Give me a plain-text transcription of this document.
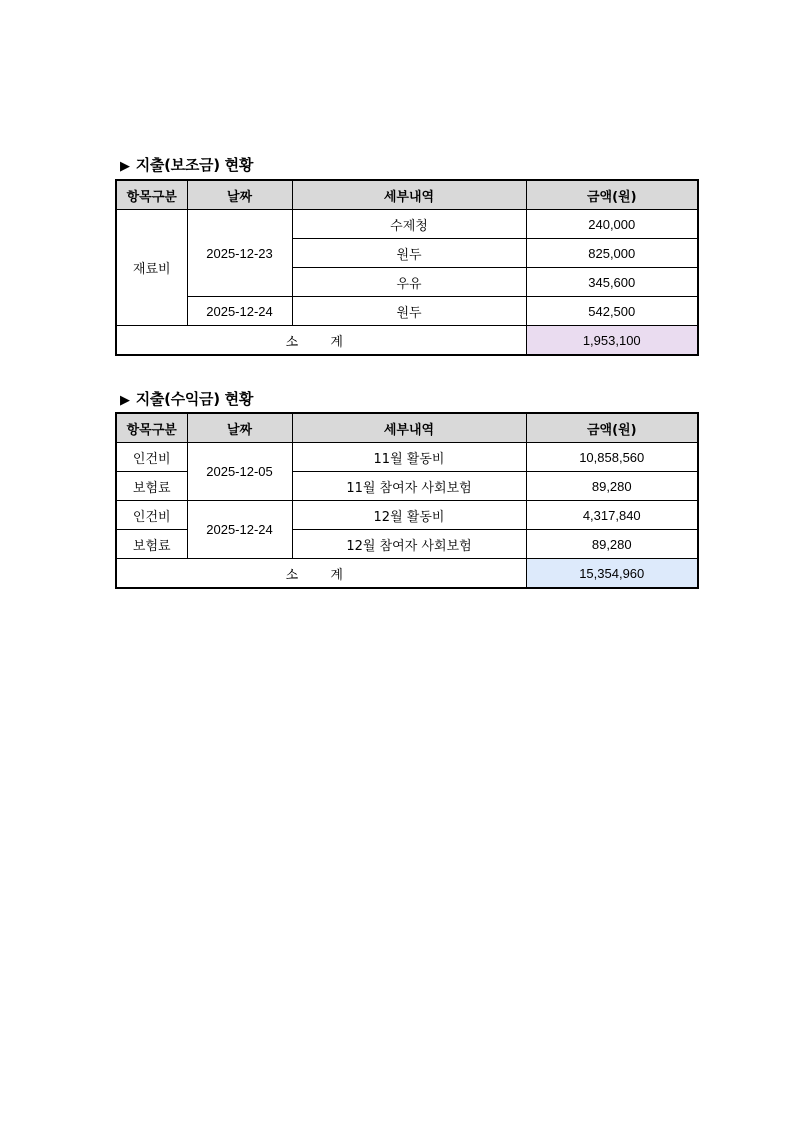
▶ 지출(보조금) 현황
항목구분	날짜	세부내역	금액(원)
재료비	2025-12-23	수제청	240,000
		원두	825,000
		우유	345,600
	2025-12-24	원두	542,500
소 계			1,953,100
▶ 지출(수익금) 현황
항목구분	날짜	세부내역	금액(원)
인건비	2025-12-05	11월 활동비	10,858,560
보험료		11월 참여자 사회보험	89,280
인건비	2025-12-24	12월 활동비	4,317,840
보험료		12월 참여자 사회보험	89,280
소 계			15,354,960
